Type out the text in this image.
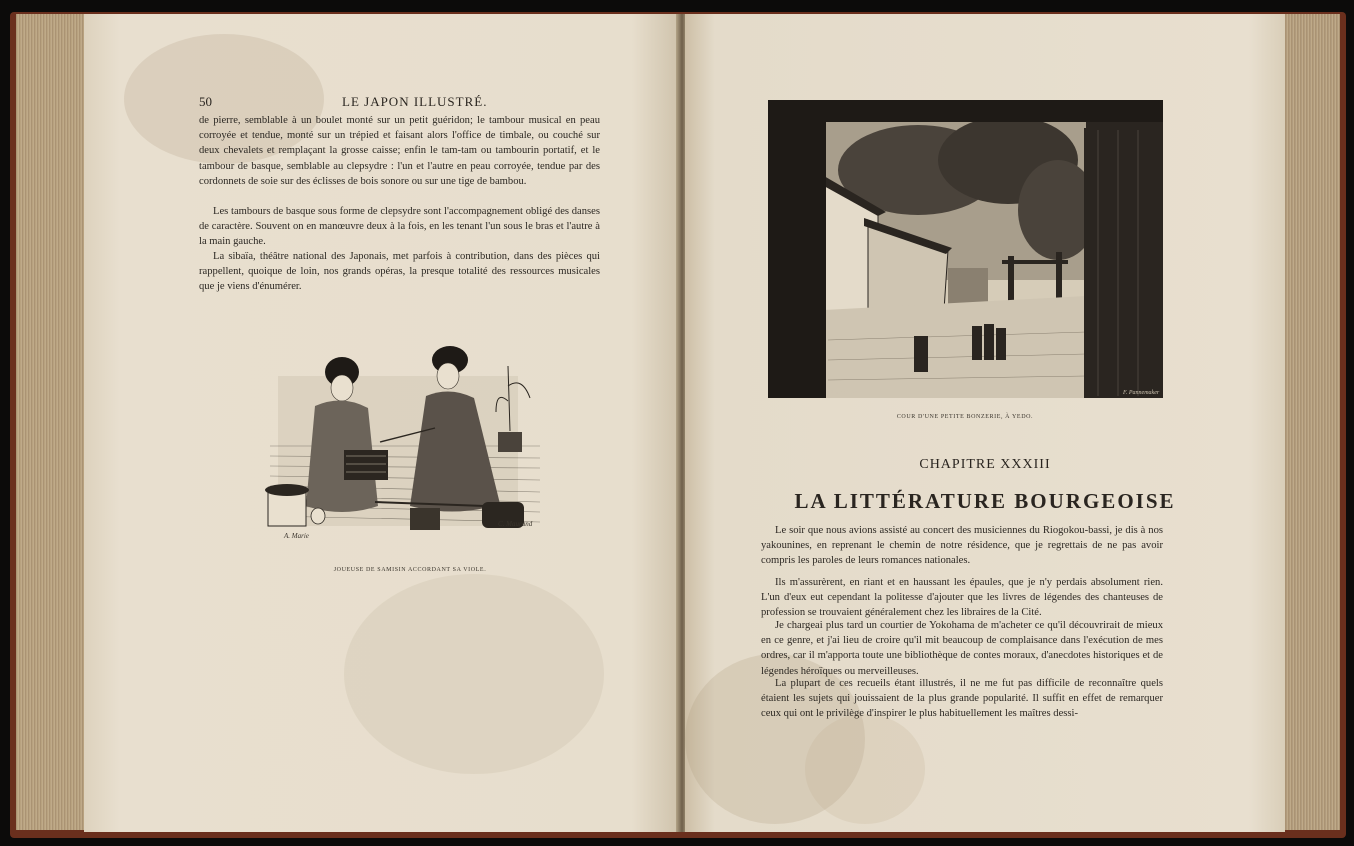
50	LE JAPON ILLUSTRÉ.

de pierre, semblable à un boulet monté sur un petit guéridon; le tambour musical en peau corroyée et tendue, monté sur un trépied et faisant alors l'office de timbale, ou couché sur deux chevalets et remplaçant la grosse caisse; enfin le tam-tam ou tambourin portatif, et le tambour de basque, semblable au clepsydre : l'un et l'autre en peau corroyée, tendue par des cordonnets de soie sur des éclisses de bois sonore ou sur une tige de bambou.

Les tambours de basque sous forme de clepsydre sont l'accompagnement obligé des danses de caractère. Souvent on en manœuvre deux à la fois, en les tenant l'un sous le bras et l'autre à la main gauche.

La sibaïa, théâtre national des Japonais, met parfois à contribution, dans des pièces qui rappellent, quoique de loin, nos grands opéras, la presque totalité des ressources musicales que je viens d'énumérer.

A. Marie
C. Maurand
JOUEUSE DE SAMISIN ACCORDANT SA VIOLE.
Therond del.	F. Pannemaker
COUR D'UNE PETITE BONZERIE, À YEDO.
CHAPITRE XXXIII
LA LITTÉRATURE BOURGEOISE

Le soir que nous avions assisté au concert des musiciennes du Riogokou-bassi, je dis à nos yakounines, en reprenant le chemin de notre résidence, que je regrettais de ne pas avoir compris les paroles de leurs romances nationales.

Ils m'assurèrent, en riant et en haussant les épaules, que je n'y perdais absolument rien. L'un d'eux eut cependant la politesse d'ajouter que les livres de légendes des chanteuses de profession se trouvaient généralement chez les libraires de la Cité.

Je chargeai plus tard un courtier de Yokohama de m'acheter ce qu'il découvrirait de mieux en ce genre, et j'ai lieu de croire qu'il mit beaucoup de complaisance dans l'exécution de mes ordres, car il m'apporta toute une bibliothèque de contes moraux, d'anecdotes historiques et de légendes héroïques ou merveilleuses.

La plupart de ces recueils étant illustrés, il ne me fut pas difficile de reconnaître quels étaient les sujets qui jouissaient de la plus grande popularité. Il suffit en effet de remarquer ceux qui ont le privilège d'inspirer le plus habituellement les maîtres dessi-
